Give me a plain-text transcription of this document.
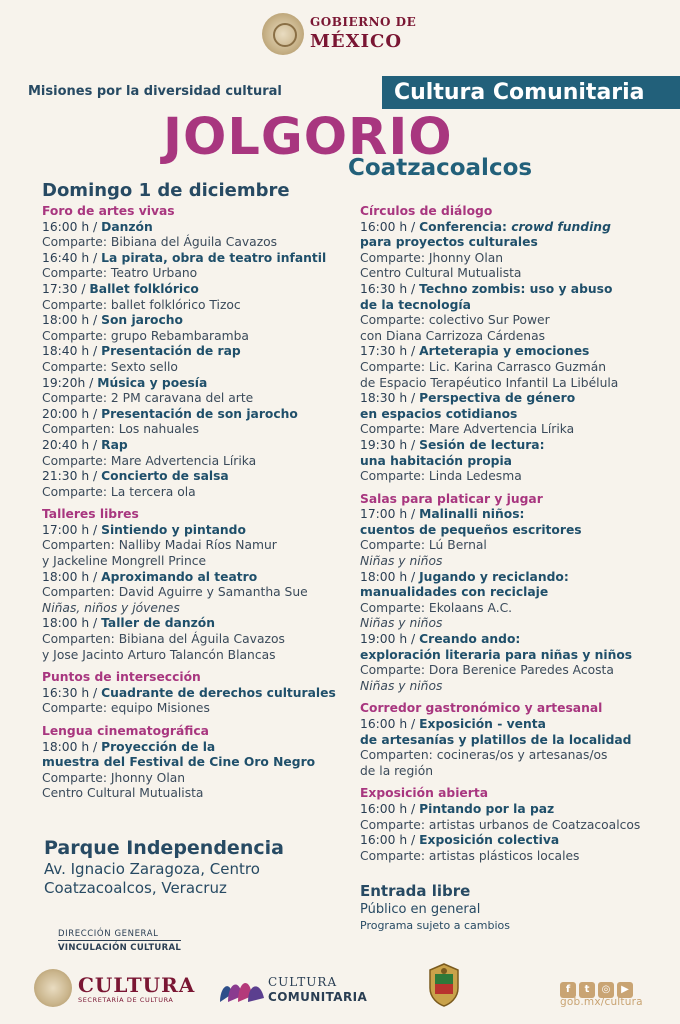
GOBIERNO DE
MÉXICO
Misiones por la diversidad cultural	Cultura Comunitaria
JOLGORIO
Coatzacoalcos
Domingo 1 de diciembre
Foro de artes vivas
16:00 h / Danzón
Comparte: Bibiana del Águila Cavazos
16:40 h / La pirata, obra de teatro infantil
Comparte: Teatro Urbano
17:30 / Ballet folklórico
Comparte: ballet folklórico Tizoc
18:00 h / Son jarocho
Comparte: grupo Rebambaramba
18:40 h / Presentación de rap
Comparte: Sexto sello
19:20h / Música y poesía
Comparte: 2 PM caravana del arte
20:00 h / Presentación de son jarocho
Comparten: Los nahuales
20:40 h / Rap
Comparte: Mare Advertencia Lírika
21:30 h / Concierto de salsa
Comparte: La tercera ola
Talleres libres
17:00 h / Sintiendo y pintando
Comparten: Nalliby Madai Ríos Namur
y Jackeline Mongrell Prince
18:00 h / Aproximando al teatro
Comparten: David Aguirre y Samantha Sue
Niñas, niños y jóvenes
18:00 h / Taller de danzón
Comparten: Bibiana del Águila Cavazos
y Jose Jacinto Arturo Talancón Blancas
Puntos de intersección
16:30 h / Cuadrante de derechos culturales
Comparte: equipo Misiones
Lengua cinematográfica
18:00 h / Proyección de la
muestra del Festival de Cine Oro Negro
Comparte: Jhonny Olan
Centro Cultural Mutualista
Círculos de diálogo
16:00 h / Conferencia: crowd funding
para proyectos culturales
Comparte: Jhonny Olan
Centro Cultural Mutualista
16:30 h / Techno zombis: uso y abuso
de la tecnología
Comparte: colectivo Sur Power
con Diana Carrizoza Cárdenas
17:30 h / Arteterapia y emociones
Comparte: Lic. Karina Carrasco Guzmán
de Espacio Terapéutico Infantil La Libélula
18:30 h / Perspectiva de género
en espacios cotidianos
Comparte: Mare Advertencia Lírika
19:30 h / Sesión de lectura:
una habitación propia
Comparte: Linda Ledesma
Salas para platicar y jugar
17:00 h / Malinalli niños:
cuentos de pequeños escritores
Comparte: Lú Bernal
Niñas y niños
18:00 h / Jugando y reciclando:
manualidades con reciclaje
Comparte: Ekolaans A.C.
Niñas y niños
19:00 h / Creando ando:
exploración literaria para niñas y niños
Comparte: Dora Berenice Paredes Acosta
Niñas y niños
Corredor gastronómico y artesanal
16:00 h / Exposición - venta
de artesanías y platillos de la localidad
Comparten: cocineras/os y artesanas/os
de la región
Exposición abierta
16:00 h / Pintando por la paz
Comparte: artistas urbanos de Coatzacoalcos
16:00 h / Exposición colectiva
Comparte: artistas plásticos locales
Parque Independencia
Av. Ignacio Zaragoza, Centro
Coatzacoalcos, Veracruz	Entrada libre
Público en general
Programa sujeto a cambios
DIRECCIÓN GENERAL
VINCULACIÓN CULTURAL
CULTURA
SECRETARÍA DE CULTURA
CULTURA
COMUNITARIA
f t ◎ ▶
gob.mx/cultura
